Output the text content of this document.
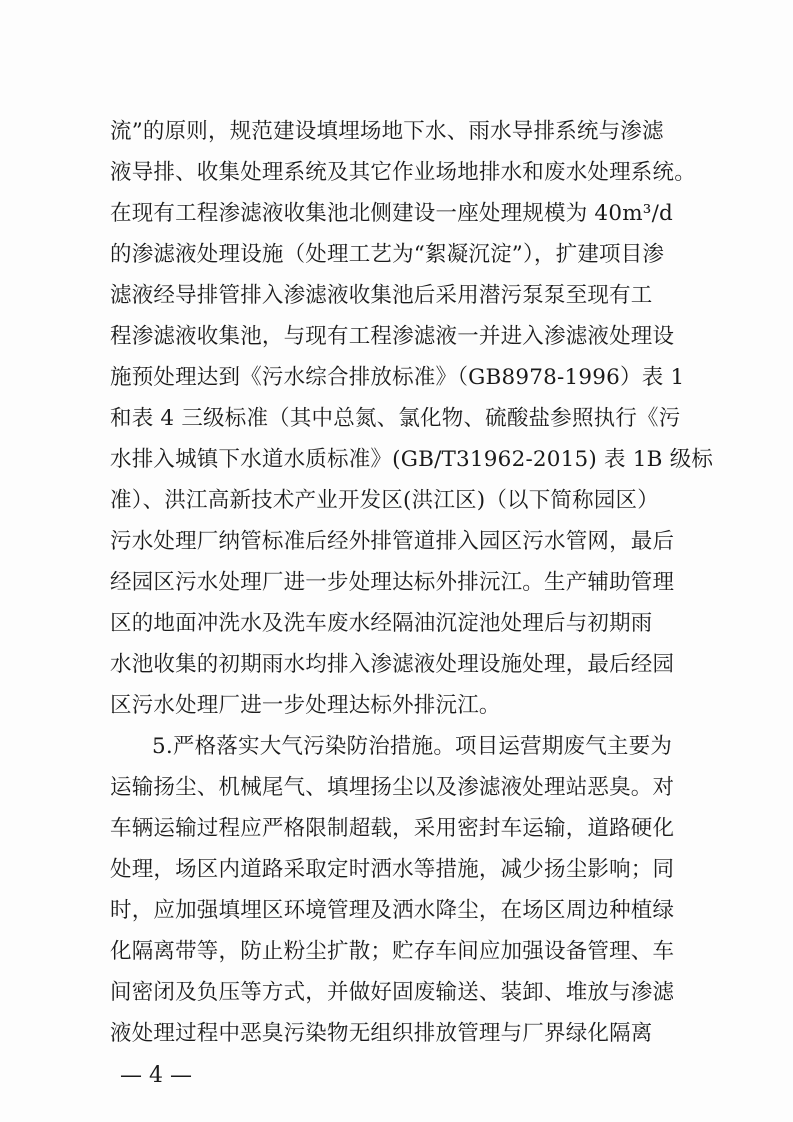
流”的原则，规范建设填埋场地下水、雨水导排系统与渗滤
液导排、收集处理系统及其它作业场地排水和废水处理系统。
在现有工程渗滤液收集池北侧建设一座处理规模为 40m³/d
的渗滤液处理设施（处理工艺为“絮凝沉淀”），扩建项目渗
滤液经导排管排入渗滤液收集池后采用潜污泵泵至现有工
程渗滤液收集池，与现有工程渗滤液一并进入渗滤液处理设
施预处理达到《污水综合排放标准》（GB8978-1996）表 1
和表 4 三级标准（其中总氮、氯化物、硫酸盐参照执行《污
水排入城镇下水道水质标准》(GB/T31962-2015) 表 1B 级标
准）、洪江高新技术产业开发区(洪江区)（以下简称园区）
污水处理厂纳管标准后经外排管道排入园区污水管网，最后
经园区污水处理厂进一步处理达标外排沅江。生产辅助管理
区的地面冲洗水及洗车废水经隔油沉淀池处理后与初期雨
水池收集的初期雨水均排入渗滤液处理设施处理，最后经园
区污水处理厂进一步处理达标外排沅江。
5.严格落实大气污染防治措施。项目运营期废气主要为
运输扬尘、机械尾气、填埋扬尘以及渗滤液处理站恶臭。对
车辆运输过程应严格限制超载，采用密封车运输，道路硬化
处理，场区内道路采取定时洒水等措施，减少扬尘影响；同
时，应加强填埋区环境管理及洒水降尘，在场区周边种植绿
化隔离带等，防止粉尘扩散；贮存车间应加强设备管理、车
间密闭及负压等方式，并做好固废输送、装卸、堆放与渗滤
液处理过程中恶臭污染物无组织排放管理与厂界绿化隔离
— 4 —
